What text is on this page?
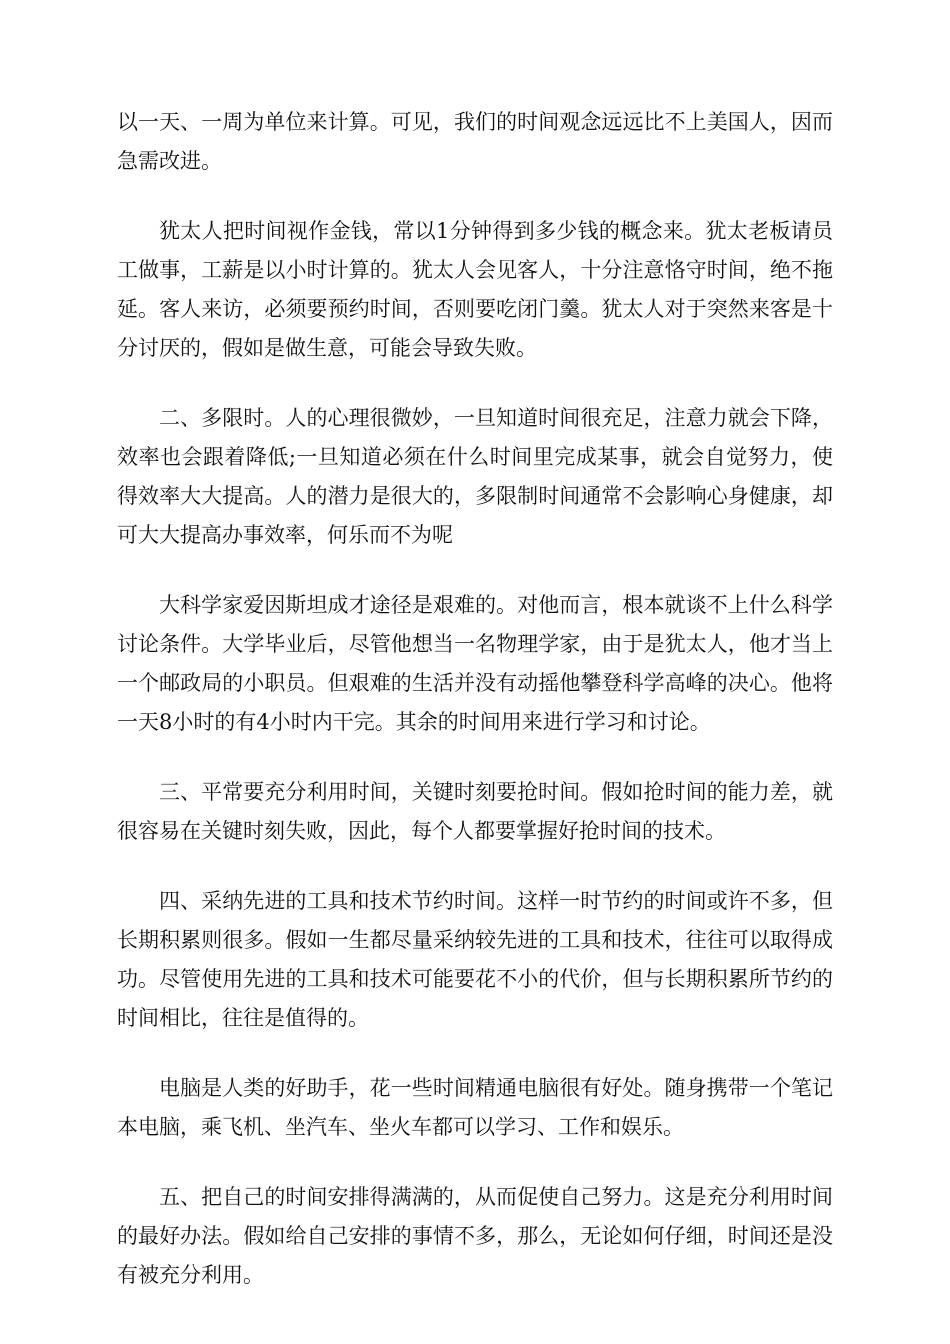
以一天、一周为单位来计算。可见，我们的时间观念远远比不上美国人，因而急需改进。

犹太人把时间视作金钱，常以1分钟得到多少钱的概念来。犹太老板请员工做事，工薪是以小时计算的。犹太人会见客人，十分注意恪守时间，绝不拖延。客人来访，必须要预约时间，否则要吃闭门羹。犹太人对于突然来客是十分讨厌的，假如是做生意，可能会导致失败。

二、多限时。人的心理很微妙，一旦知道时间很充足，注意力就会下降，效率也会跟着降低;一旦知道必须在什么时间里完成某事，就会自觉努力，使得效率大大提高。人的潜力是很大的，多限制时间通常不会影响心身健康，却可大大提高办事效率，何乐而不为呢

大科学家爱因斯坦成才途径是艰难的。对他而言，根本就谈不上什么科学讨论条件。大学毕业后，尽管他想当一名物理学家，由于是犹太人，他才当上一个邮政局的小职员。但艰难的生活并没有动摇他攀登科学高峰的决心。他将一天8小时的有4小时内干完。其余的时间用来进行学习和讨论。

三、平常要充分利用时间，关键时刻要抢时间。假如抢时间的能力差，就很容易在关键时刻失败，因此，每个人都要掌握好抢时间的技术。

四、采纳先进的工具和技术节约时间。这样一时节约的时间或许不多，但长期积累则很多。假如一生都尽量采纳较先进的工具和技术，往往可以取得成功。尽管使用先进的工具和技术可能要花不小的代价，但与长期积累所节约的时间相比，往往是值得的。

电脑是人类的好助手，花一些时间精通电脑很有好处。随身携带一个笔记本电脑，乘飞机、坐汽车、坐火车都可以学习、工作和娱乐。

五、把自己的时间安排得满满的，从而促使自己努力。这是充分利用时间的最好办法。假如给自己安排的事情不多，那么，无论如何仔细，时间还是没有被充分利用。
